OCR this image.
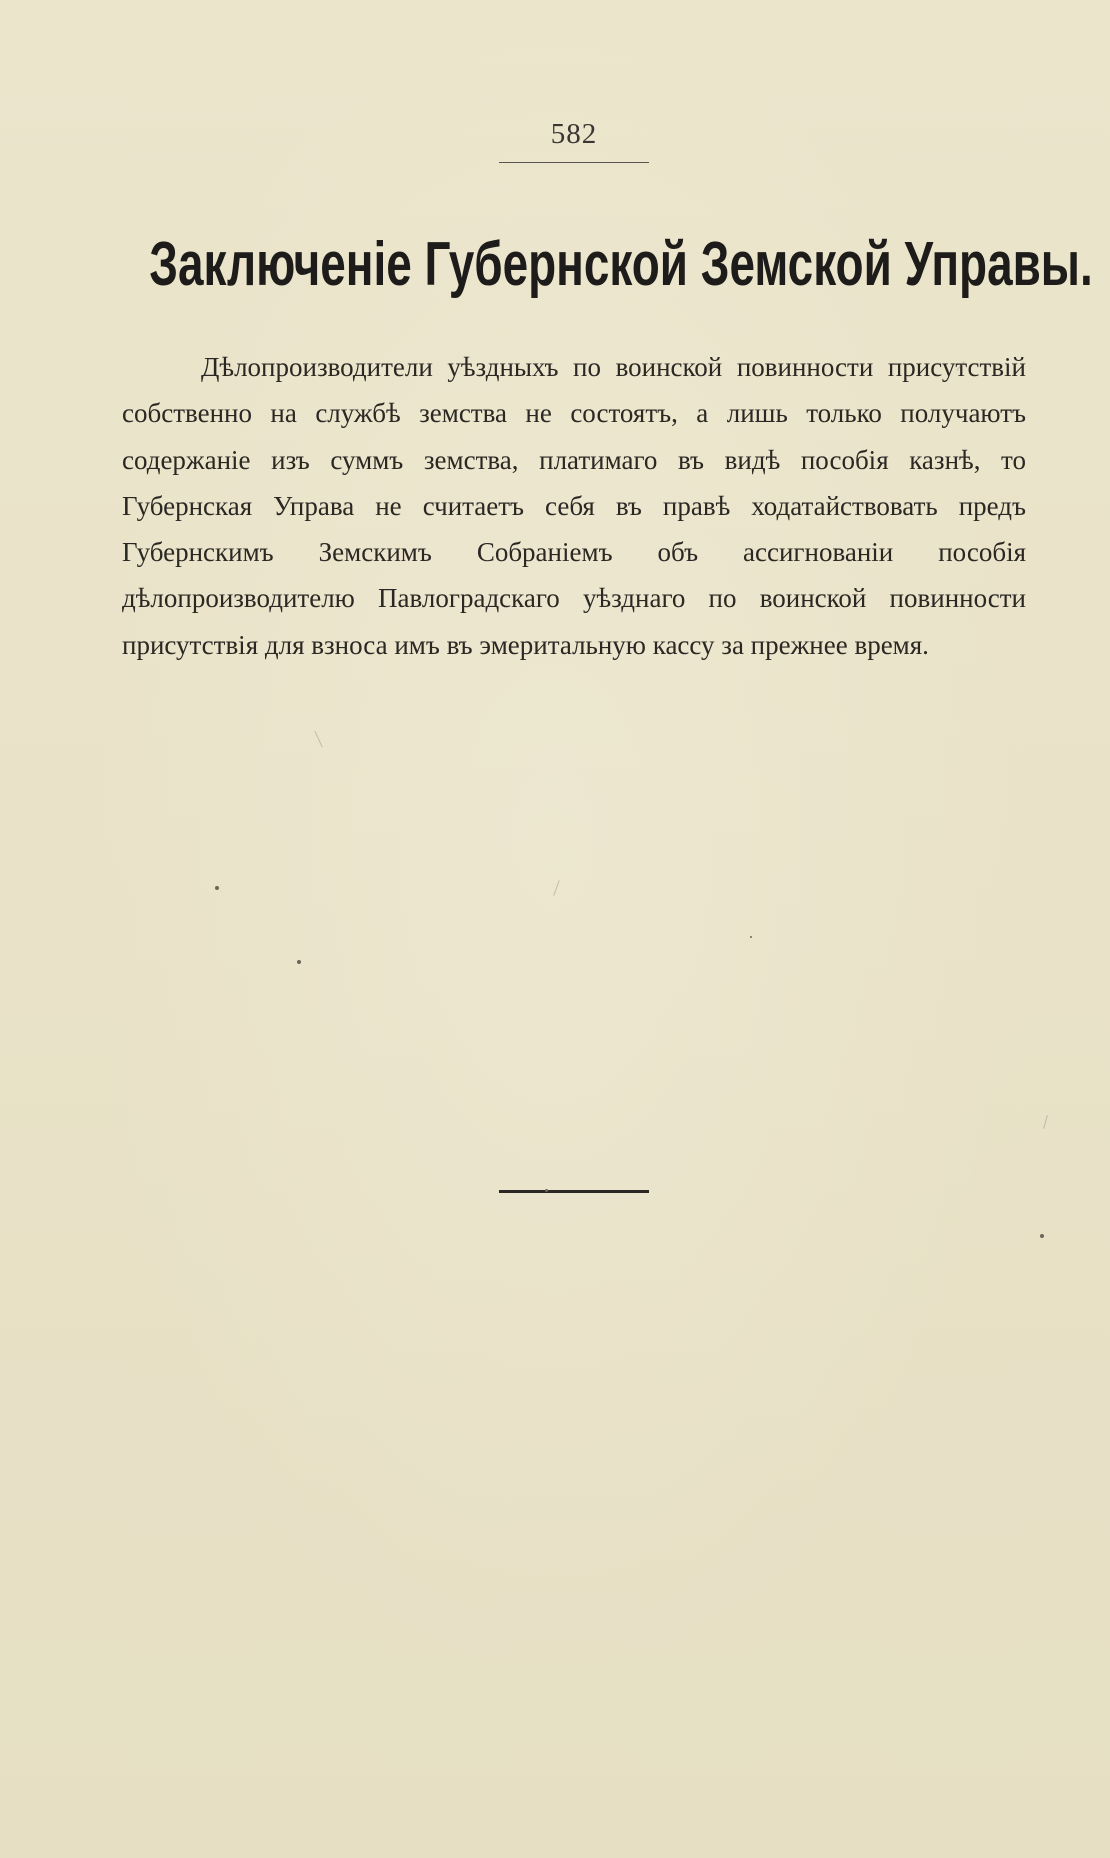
582
Заключеніе Губернской Земской Управы.

Дѣлопроизводители уѣздныхъ по воинской повинности присутствій собственно на службѣ земства не состоятъ, а лишь только получаютъ содержаніе изъ суммъ земства, платимаго въ видѣ пособія казнѣ, то Губернская Управа не считаетъ себя въ правѣ ходатайствовать предъ Губернскимъ Земскимъ Собраніемъ объ ассигнованіи пособія дѣлопроизводителю Павлоградскаго уѣзднаго по воинской повинности присутствія для взноса имъ въ эмеритальную кассу за прежнее время.
